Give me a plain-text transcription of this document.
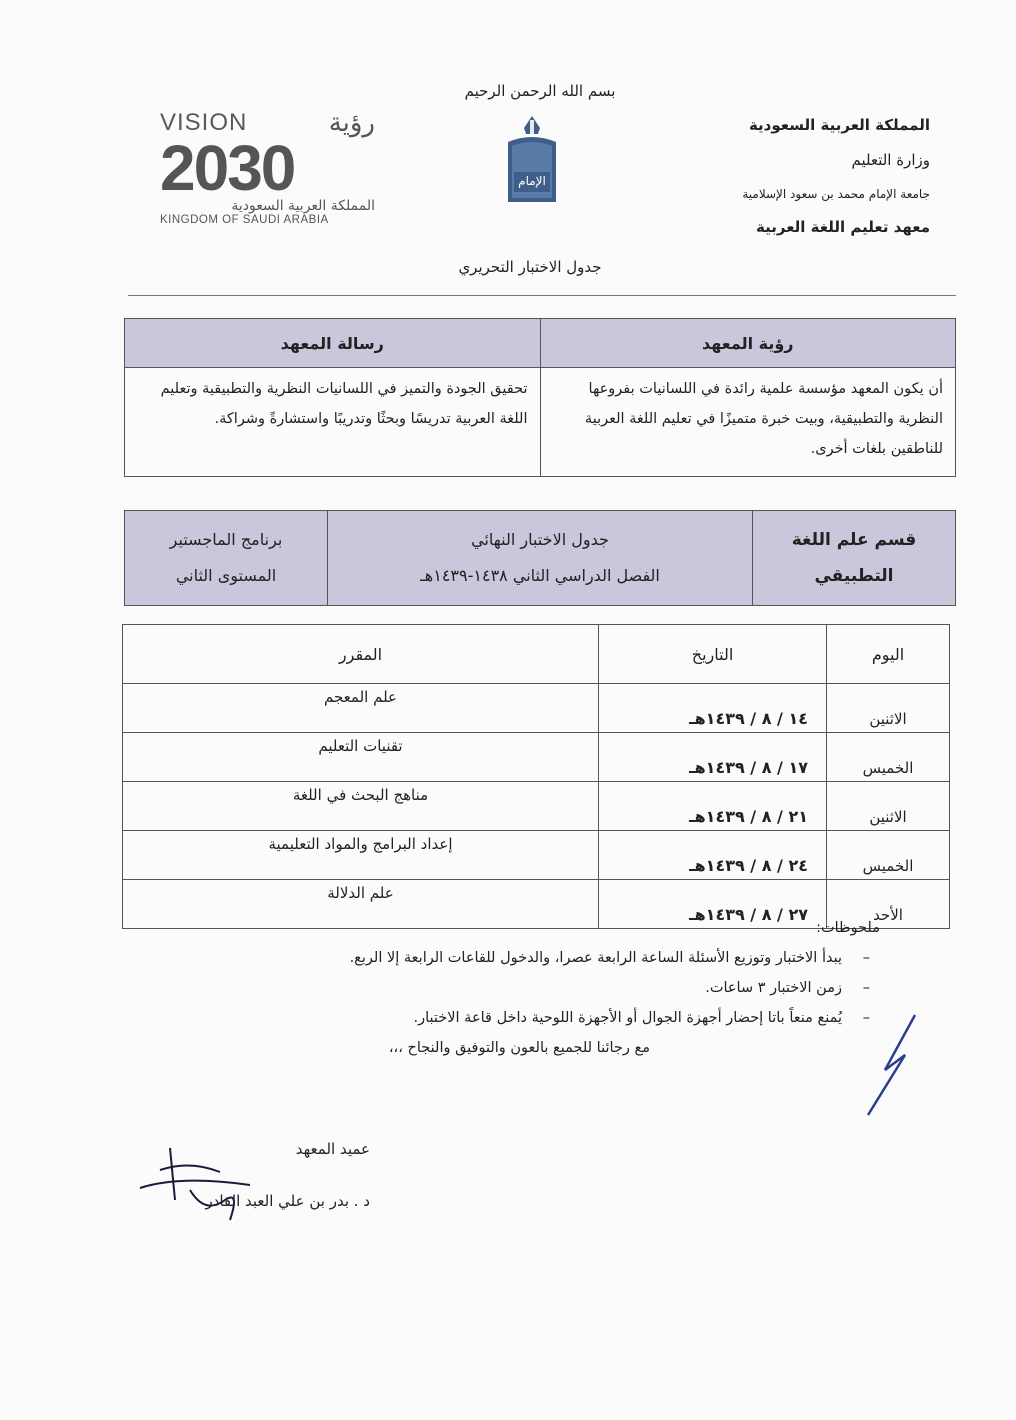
بسم الله الرحمن الرحيم
المملكة العربية السعودية
وزارة التعليم
جامعة الإمام محمد بن سعود الإسلامية
معهد تعليم اللغة العربية
VISION	رؤية
2030
المملكة العربية السعودية
KINGDOM OF SAUDI ARABIA
الإمام
جدول الاختبار التحريري
رؤية المعهد	رسالة المعهد
أن يكون المعهد مؤسسة علمية رائدة في اللسانيات بفروعها النظرية والتطبيقية، وبيت خبرة متميزًا في تعليم اللغة العربية للناطقين بلغات أخرى.	تحقيق الجودة والتميز في اللسانيات النظرية والتطبيقية وتعليم اللغة العربية تدريسًا وبحثًا وتدريبًا واستشارةً وشراكة.
قسم علم اللغة التطبيقي	
جدول الاختبار النهائي
الفصل الدراسي الثاني ١٤٣٨-١٤٣٩هـ

برنامج الماجستير
المستوى الثاني
اليوم	التاريخ	المقرر
الاثنين	١٤ / ٨ / ١٤٣٩هـ	علم المعجم
الخميس	١٧ / ٨ / ١٤٣٩هـ	تقنيات التعليم
الاثنين	٢١ / ٨ / ١٤٣٩هـ	مناهج البحث في اللغة
الخميس	٢٤ / ٨ / ١٤٣٩هـ	إعداد البرامج والمواد التعليمية
الأحد	٢٧ / ٨ / ١٤٣٩هـ	علم الدلالة
ملحوظات:
–يبدأ الاختبار وتوزيع الأسئلة الساعة الرابعة عصرا، والدخول للقاعات الرابعة إلا الربع.
–زمن الاختبار ٣ ساعات.
–يُمنع منعاً باتا إحضار أجهزة الجوال أو الأجهزة اللوحية داخل قاعة الاختبار.
مع رجائنا للجميع بالعون والتوفيق والنجاح ،،،
عميد المعهد
د . بدر بن علي العبد القادر
